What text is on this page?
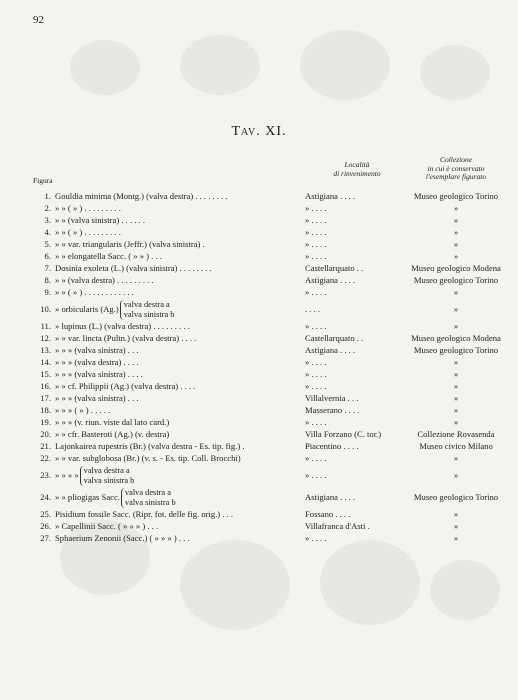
92
Tav. XI.
Figura
Località
di rinvenimento
Collezione
in cui è conservato
l'esemplare figurato
1. Gouldia minima (Montg.) (valva destra) . . . . . . . .	Astigiana . . . .	Museo geologico Torino
2. » » ( » ) . . . . . . . . .	» . . . .	»
3. » » (valva sinistra) . . . . . .	» . . . .	»
4. » » ( » ) . . . . . . . . .	» . . . .	»
5. » » var. triangularis (Jeffr.) (valva sinistra) .	» . . . .	»
6. » » elongatella Sacc. ( » » ) . . .	» . . . .	»
7. Dosinia exoleta (L.) (valva sinistra) . . . . . . . .	Castellarquato . .	Museo geologico Modena
8. » » (valva destra) . . . . . . . . .	Astigiana . . . .	Museo geologico Torino
9. » » ( » ) . . . . . . . . . . . .	» . . . .	»
10. » orbicularis (Ag.) valva destra a
valva sinistra b
. . . .	»
11. » lupinus (L.) (valva destra) . . . . . . . . .	» . . . .	»
12. » » var. lincta (Pultn.) (valva destra) . . . .	Castellarquato . .	Museo geologico Modena
13. » » » (valva sinistra) . . .	Astigiana . . . .	Museo geologico Torino
14. » » » (valva destra) . . . .	» . . . .	»
15. » » » (valva sinistra) . . . .	» . . . .	»
16. » » cf. Philippii (Ag.) (valva destra) . . . .	» . . . .	»
17. » » » (valva sinistra) . . .	Villalvernia . . .	»
18. » » » ( » ) . . . . .	Masserano . . . .	»
19. » » » (v. riun. viste dal lato card.)	» . . . .	»
20. » » cfr. Basteroti (Ag.) (v. destra)	Villa Forzano (C. tor.)	Collezione Rovasenda
21. Lajonkairea rupestris (Br.) (valva destra - Es. tip. fig.) .	Piacentino . . . .	Museo civico Milano
22. » » var. subglobosa (Br.) (v. s. - Es. tip. Coll. Brocchi)	» . . . .	»
23. » » » » valva destra a
valva sinistra b
» . . . .	»
24. » » pliogigas Sacc. valva destra a
valva sinistra b
Astigiana . . . .	Museo geologico Torino
25. Pisidium fossile Sacc. (Ripr. fot. delle fig. orig.) . . .	Fossano . . . .	»
26. » Capellinii Sacc. ( » » » ) . . .	Villafranca d'Asti .	»
27. Sphaerium Zenonii (Sacc.) ( » » » ) . . .	» . . . .	»
